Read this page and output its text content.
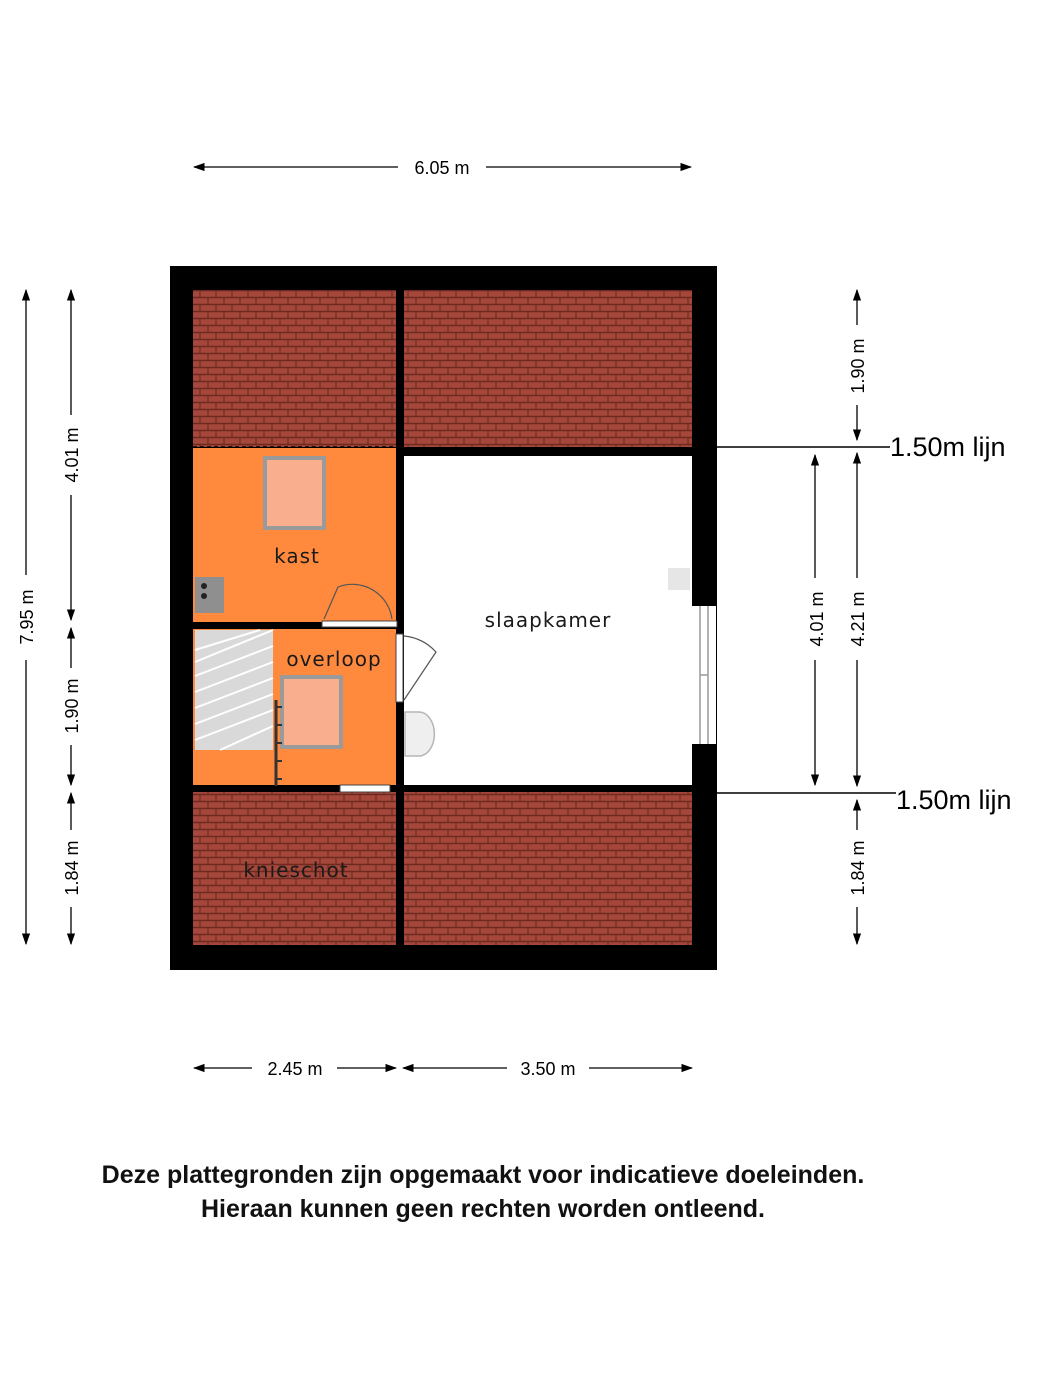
kast
overloop
slaapkamer
knieschot
6.05 m
2.45 m	3.50 m
7.95 m
4.01 m
1.90 m
1.84 m
1.50m lijn
1.50m lijn
4.01 m
1.90 m
4.21 m
1.84 m
Deze plattegronden zijn opgemaakt voor indicatieve doeleinden.
Hieraan kunnen geen rechten worden ontleend.
